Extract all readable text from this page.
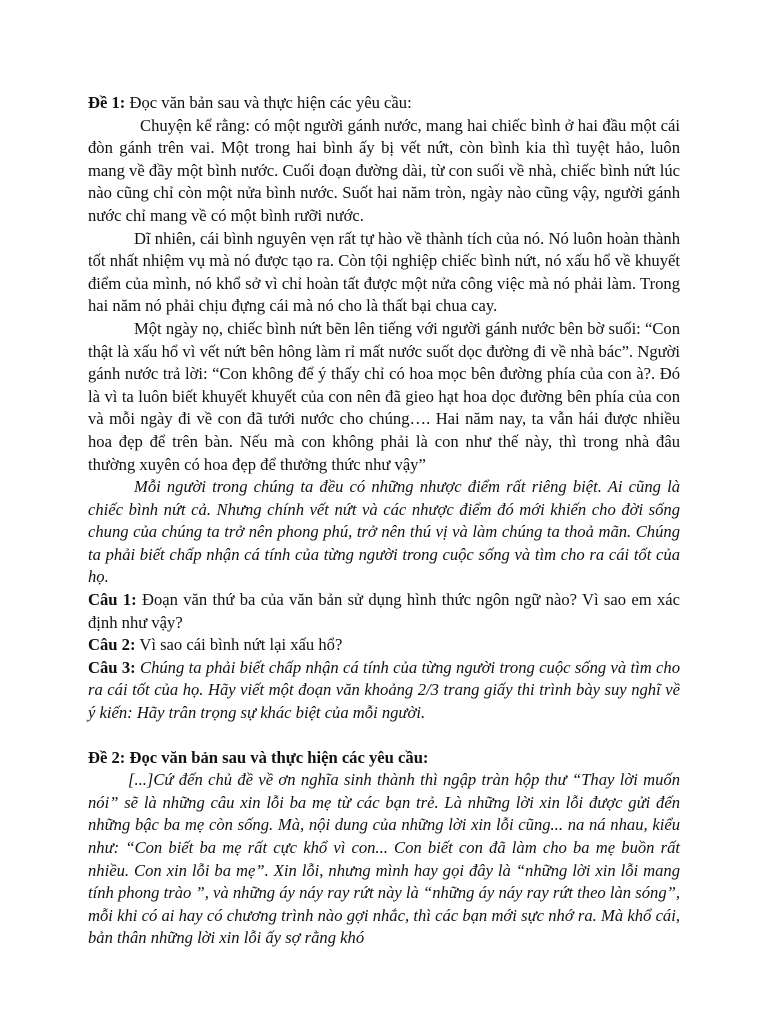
Đề 1: Đọc văn bản sau và thực hiện các yêu cầu:

Chuyện kể rằng: có một người gánh nước, mang hai chiếc bình ở hai đầu một cái đòn gánh trên vai. Một trong hai bình ấy bị vết nứt, còn bình kia thì tuyệt hảo, luôn mang về đầy một bình nước. Cuối đoạn đường dài, từ con suối về nhà, chiếc bình nứt lúc nào cũng chỉ còn một nửa bình nước. Suốt hai năm tròn, ngày nào cũng vậy, người gánh nước chỉ mang về có một bình rưỡi nước.

Dĩ nhiên, cái bình nguyên vẹn rất tự hào về thành tích của nó. Nó luôn hoàn thành tốt nhất nhiệm vụ mà nó được tạo ra. Còn tội nghiệp chiếc bình nứt, nó xấu hổ về khuyết điểm của mình, nó khổ sở vì chỉ hoàn tất được một nửa công việc mà nó phải làm. Trong hai năm nó phải chịu đựng cái mà nó cho là thất bại chua cay.

Một ngày nọ, chiếc bình nứt bẽn lên tiếng với người gánh nước bên bờ suối: “Con thật là xấu hổ vì vết nứt bên hông làm rỉ mất nước suốt dọc đường đi về nhà bác”. Người gánh nước trả lời: “Con không để ý thấy chỉ có hoa mọc bên đường phía của con à?. Đó là vì ta luôn biết khuyết khuyết của con nên đã gieo hạt hoa dọc đường bên phía của con và mỗi ngày đi về con đã tưới nước cho chúng…. Hai năm nay, ta vẫn hái được nhiều hoa đẹp để trên bàn. Nếu mà con không phải là con như thế này, thì trong nhà đâu thường xuyên có hoa đẹp để thưởng thức như vậy”

Mỗi người trong chúng ta đều có những nhược điểm rất riêng biệt. Ai cũng là chiếc bình nứt cả. Nhưng chính vết nứt và các nhược điểm đó mới khiến cho đời sống chung của chúng ta trở nên phong phú, trở nên thú vị và làm chúng ta thoả mãn. Chúng ta phải biết chấp nhận cá tính của từng người trong cuộc sống và tìm cho ra cái tốt của họ.

Câu 1: Đoạn văn thứ ba của văn bản sử dụng hình thức ngôn ngữ nào? Vì sao em xác định như vậy?

Câu 2: Vì sao cái bình nứt lại xấu hổ?

Câu 3: Chúng ta phải biết chấp nhận cá tính của từng người trong cuộc sống và tìm cho ra cái tốt của họ. Hãy viết một đoạn văn khoảng 2/3 trang giấy thi trình bày suy nghĩ về ý kiến: Hãy trân trọng sự khác biệt của mỗi người.

Đề 2: Đọc văn bản sau và thực hiện các yêu cầu:

[...]Cứ đến chủ đề về ơn nghĩa sinh thành thì ngập tràn hộp thư “Thay lời muốn nói” sẽ là những câu xin lỗi ba mẹ từ các bạn trẻ. Là những lời xin lỗi được gửi đến những bậc ba mẹ còn sống. Mà, nội dung của những lời xin lỗi cũng... na ná nhau, kiểu như: “Con biết ba mẹ rất cực khổ vì con... Con biết con đã làm cho ba mẹ buồn rất nhiều. Con xin lỗi ba mẹ”. Xin lỗi, nhưng mình hay gọi đây là “những lời xin lỗi mang tính phong trào ”, và những áy náy ray rứt này là “những áy náy ray rứt theo làn sóng”, mỗi khi có ai hay có chương trình nào gợi nhắc, thì các bạn mới sực nhớ ra. Mà khổ cái, bản thân những lời xin lỗi ấy sợ rằng khó
